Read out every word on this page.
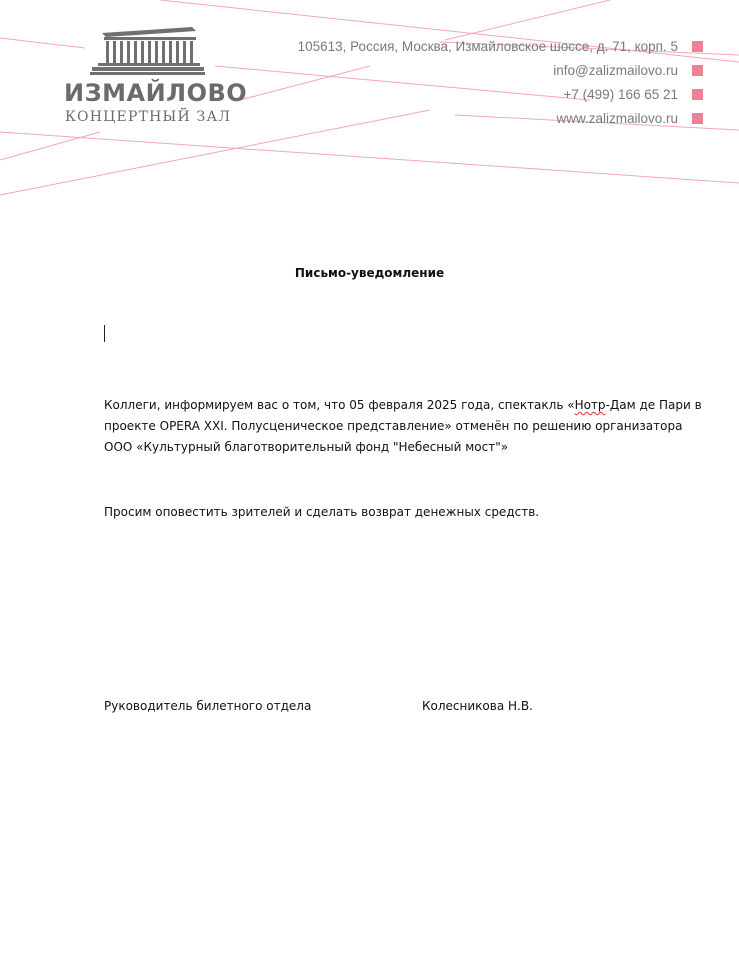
ИЗМАЙЛОВО
КОНЦЕРТНЫЙ ЗАЛ
105613, Россия, Москва, Измайловское шоссе, д. 71, корп. 5
info@zalizmailovo.ru
+7 (499) 166 65 21
www.zalizmailovo.ru
Письмо-уведомление
Коллеги, информируем вас о том, что 05 февраля 2025 года, спектакль «Нотр-Дам де Пари в проекте OPERA XXI. Полусценическое представление» отменён по решению организатора ООО «Культурный благотворительный фонд "Небесный мост"»
Просим оповестить зрителей и сделать возврат денежных средств.
Руководитель билетного отдела	Колесникова Н.В.
